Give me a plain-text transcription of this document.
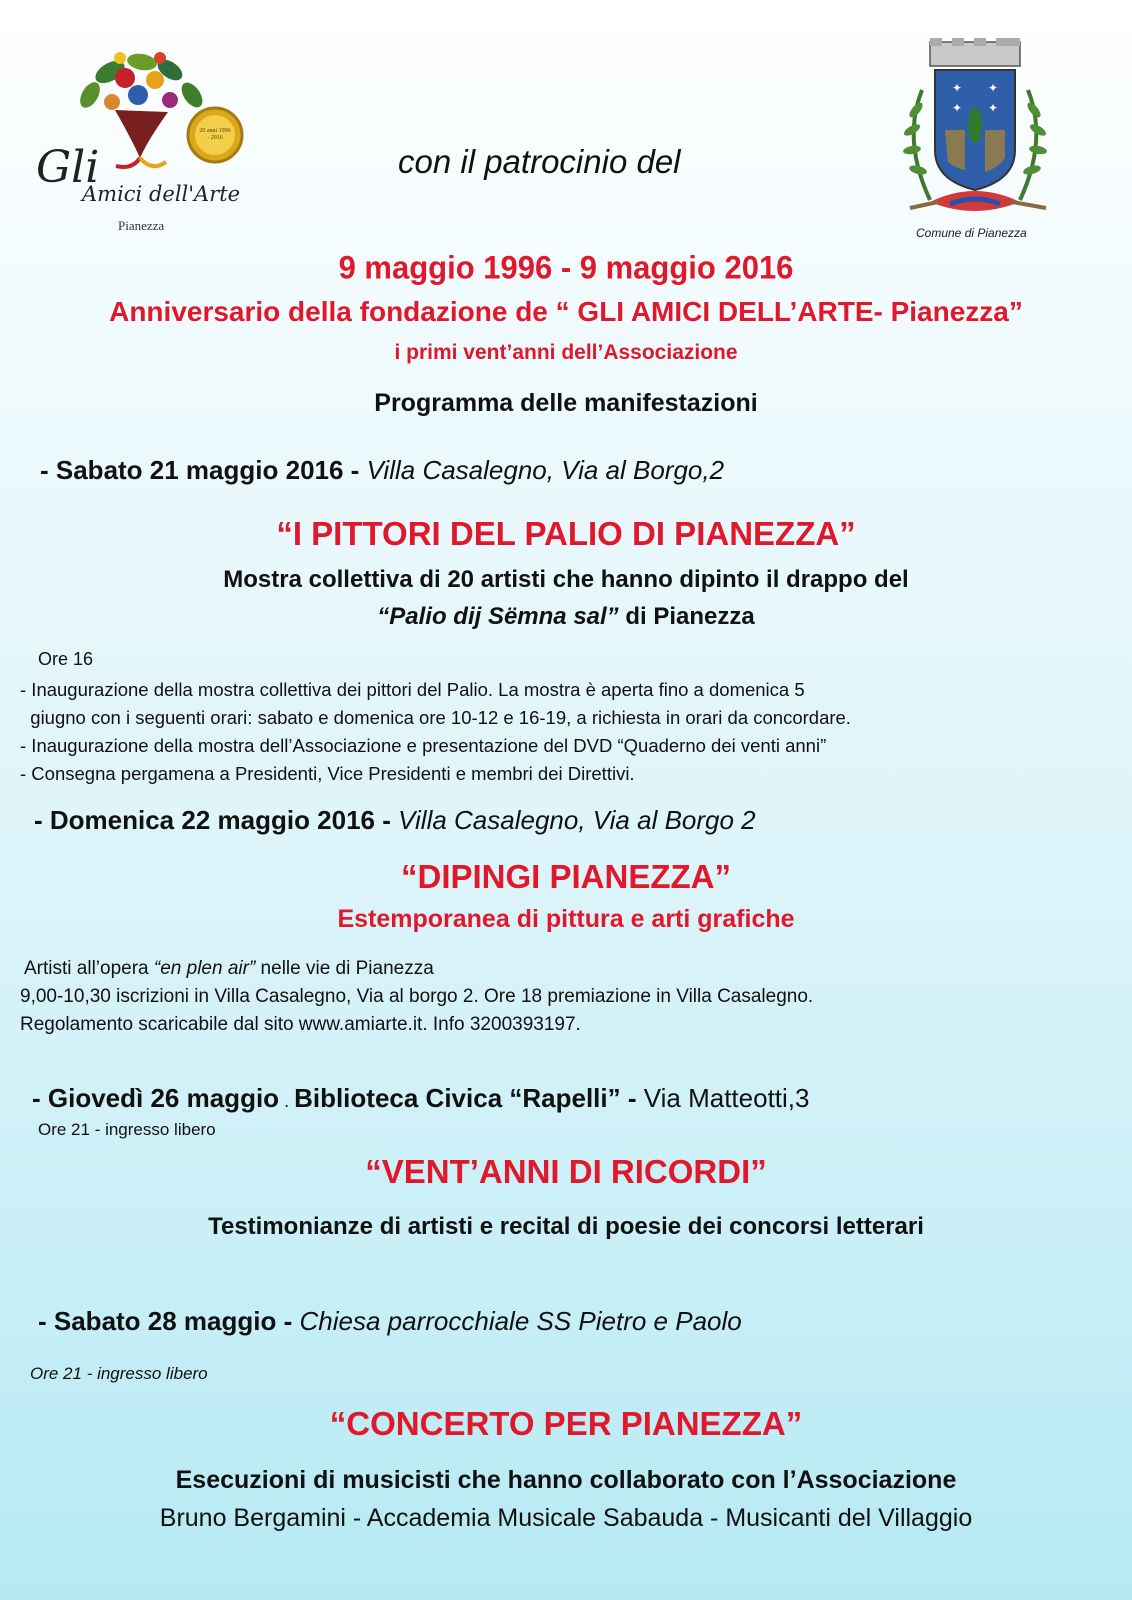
20 anni 1996 - 2016
Gli
Amici dell'Arte
Pianezza
con il patrocinio del
✦ ✦
✦ ✦
Comune di Pianezza
9 maggio 1996 - 9 maggio 2016
Anniversario della fondazione de “ GLI AMICI DELL’ARTE- Pianezza”
i primi vent’anni dell’Associazione
Programma delle manifestazioni
- Sabato 21 maggio 2016 - Villa Casalegno, Via al Borgo,2
“I PITTORI DEL PALIO DI PIANEZZA”
Mostra collettiva di 20 artisti che hanno dipinto il drappo del
“Palio dij Sëmna sal” di Pianezza
Ore 16

- Inaugurazione della mostra collettiva dei pittori del Palio. La mostra è aperta fino a domenica 5

giugno con i seguenti orari: sabato e domenica ore 10-12 e 16-19, a richiesta in orari da concordare.

- Inaugurazione della mostra dell’Associazione e presentazione del DVD “Quaderno dei venti anni”

- Consegna pergamena a Presidenti, Vice Presidenti e membri dei Direttivi.

- Domenica 22 maggio 2016 - Villa Casalegno, Via al Borgo 2
“DIPINGI PIANEZZA”
Estemporanea di pittura e arti grafiche

Artisti all’opera “en plen air” nelle vie di Pianezza

9,00-10,30 iscrizioni in Villa Casalegno, Via al borgo 2. Ore 18 premiazione in Villa Casalegno.

Regolamento scaricabile dal sito www.amiarte.it. Info 3200393197.

- Giovedì 26 maggio . Biblioteca Civica “Rapelli” - Via Matteotti,3
Ore 21 - ingresso libero
“VENT’ANNI DI RICORDI”
Testimonianze di artisti e recital di poesie dei concorsi letterari
- Sabato 28 maggio - Chiesa parrocchiale SS Pietro e Paolo
Ore 21 - ingresso libero
“CONCERTO PER PIANEZZA”
Esecuzioni di musicisti che hanno collaborato con l’Associazione
Bruno Bergamini - Accademia Musicale Sabauda - Musicanti del Villaggio
